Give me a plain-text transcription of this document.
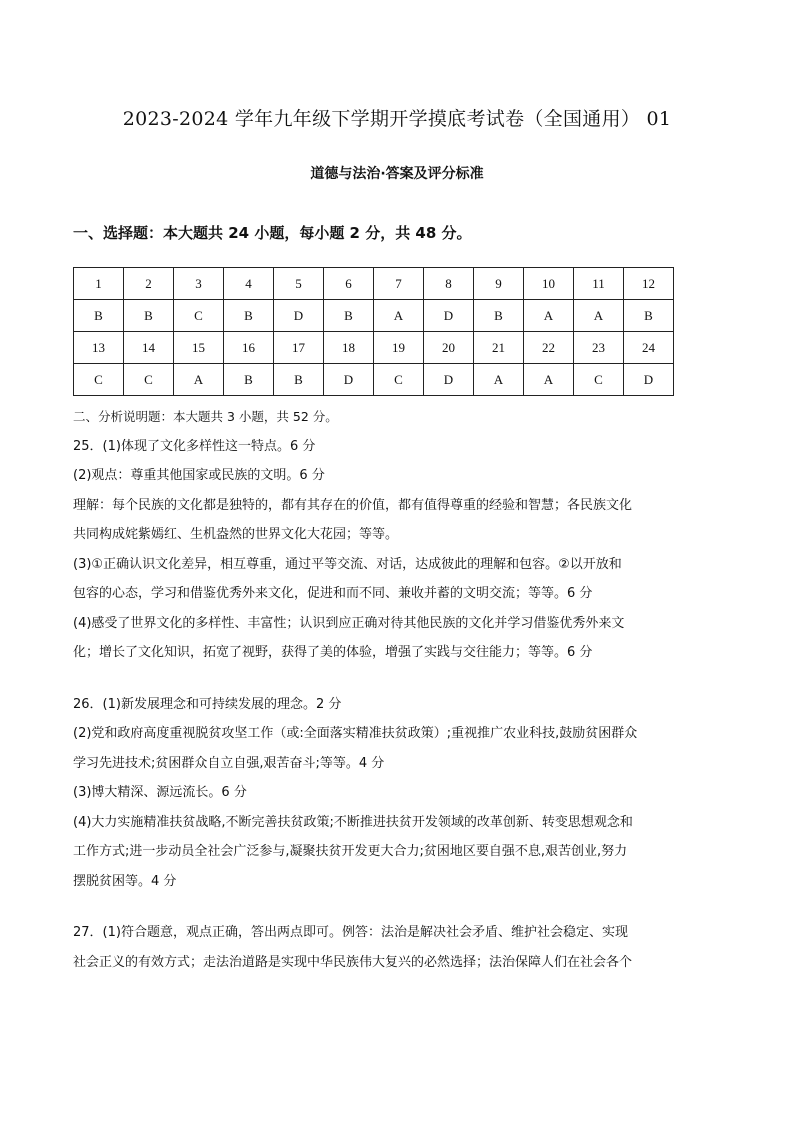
2023-2024 学年九年级下学期开学摸底考试卷（全国通用） 01
道德与法治·答案及评分标准
一、选择题：本大题共 24 小题，每小题 2 分，共 48 分。
1	2	3	4	5	6	7	8	9	10	11	12
B	B	C	B	D	B	A	D	B	A	A	B
13	14	15	16	17	18	19	20	21	22	23	24
C	C	A	B	B	D	C	D	A	A	C	D

二、分析说明题：本大题共 3 小题，共 52 分。

25．(1)体现了文化多样性这一特点。6 分

(2)观点：尊重其他国家或民族的文明。6 分

理解：每个民族的文化都是独特的，都有其存在的价值，都有值得尊重的经验和智慧；各民族文化

共同构成姹紫嫣红、生机盎然的世界文化大花园；等等。

(3)①正确认识文化差异，相互尊重，通过平等交流、对话，达成彼此的理解和包容。②以开放和

包容的心态，学习和借鉴优秀外来文化，促进和而不同、兼收并蓄的文明交流；等等。6 分

(4)感受了世界文化的多样性、丰富性；认识到应正确对待其他民族的文化并学习借鉴优秀外来文

化；增长了文化知识，拓宽了视野，获得了美的体验，增强了实践与交往能力；等等。6 分

26．(1)新发展理念和可持续发展的理念。2 分

(2)党和政府高度重视脱贫攻坚工作（或:全面落实精准扶贫政策）;重视推广农业科技,鼓励贫困群众

学习先进技术;贫困群众自立自强,艰苦奋斗;等等。4 分

(3)博大精深、源远流长。6 分

(4)大力实施精准扶贫战略,不断完善扶贫政策;不断推进扶贫开发领域的改革创新、转变思想观念和

工作方式;进一步动员全社会广泛参与,凝聚扶贫开发更大合力;贫困地区要自强不息,艰苦创业,努力

摆脱贫困等。4 分

27．(1)符合题意，观点正确，答出两点即可。例答：法治是解决社会矛盾、维护社会稳定、实现

社会正义的有效方式；走法治道路是实现中华民族伟大复兴的必然选择；法治保障人们在社会各个
